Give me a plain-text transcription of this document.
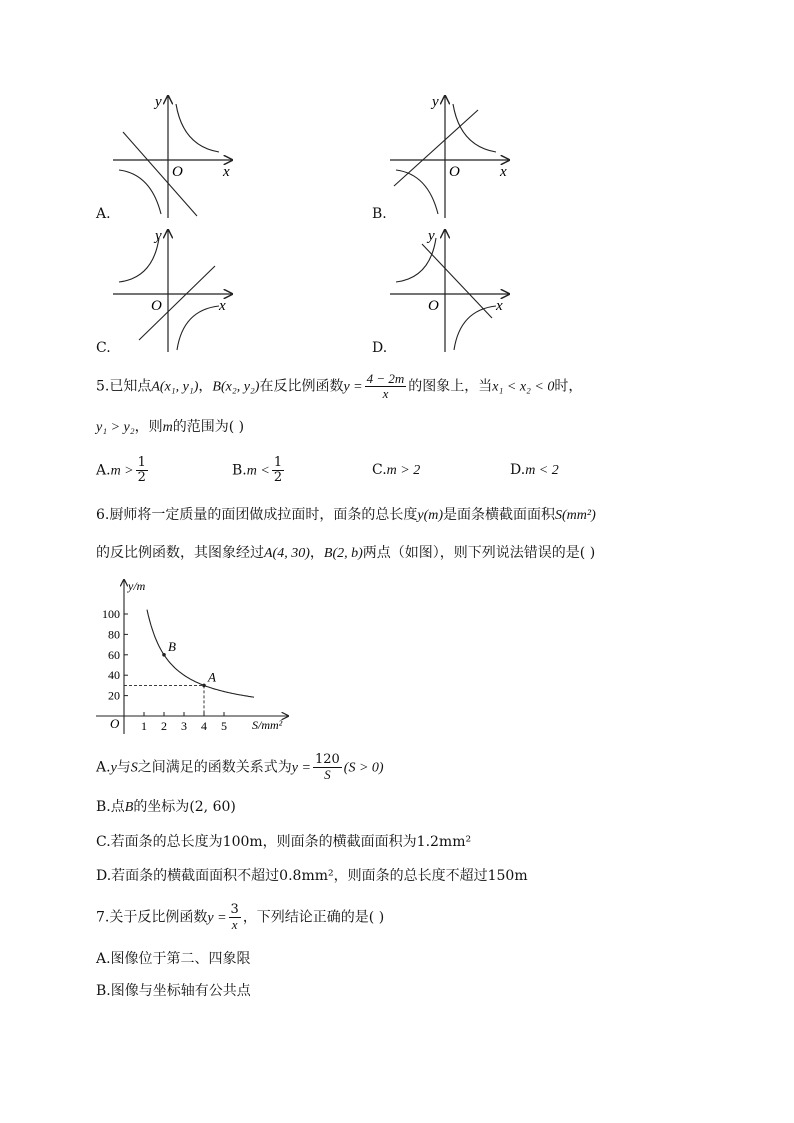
y
x
O
A.
y
x
O
B.
y
x
O
C.
y
x
O
D.
5.已知点A(x₁, y₁)，B(x₂, y₂)在反比例函数$y = \frac{4 - 2m}{x}$ 的图象上，当x₁ < x₂ < 0时，
y₁ > y₂，则m的范围为( )
$A.m > \frac{1}{2}$	$B.m < \frac{1}{2}$	C.m > 2	D.m < 2
6.厨师将一定质量的面团做成拉面时，面条的总长度y(m)是面条横截面面积S(mm²)
的反比例函数，其图象经过A(4, 30)，B(2, b)两点（如图），则下列说法错误的是( )
y/m
S/mm²
O 1 2 3 4 5
20
40
60
80
100
B
A
A.y与S之间满足的函数关系式为$y = \frac{120}{S} (S > 0)$
B.点B的坐标为(2, 60)
C.若面条的总长度为100m，则面条的横截面面积为1.2mm²
D.若面条的横截面面积不超过0.8mm²，则面条的总长度不超过150m
7.关于反比例函数$y = \frac{3}{x}$ ，下列结论正确的是( )
A.图像位于第二、四象限
B.图像与坐标轴有公共点
